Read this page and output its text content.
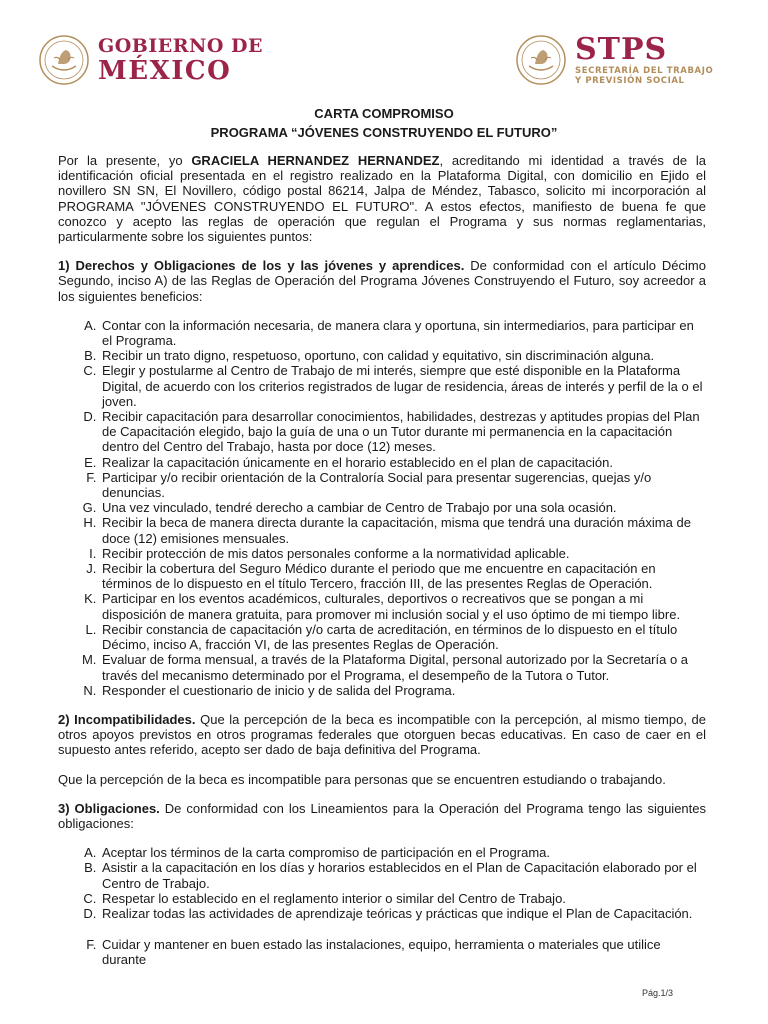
GOBIERNO DE
MÉXICO
STPS
SECRETARÍA DEL TRABAJO
Y PREVISIÓN SOCIAL
CARTA COMPROMISO
PROGRAMA “JÓVENES CONSTRUYENDO EL FUTURO”

Por la presente, yo GRACIELA HERNANDEZ HERNANDEZ, acreditando mi identidad a través de la identificación oficial presentada en el registro realizado en la Plataforma Digital, con domicilio en Ejido el novillero SN SN, El Novillero, código postal 86214, Jalpa de Méndez, Tabasco, solicito mi incorporación al PROGRAMA "JÓVENES CONSTRUYENDO EL FUTURO". A estos efectos, manifiesto de buena fe que conozco y acepto las reglas de operación que regulan el Programa y sus normas reglamentarias, particularmente sobre los siguientes puntos:

1) Derechos y Obligaciones de los y las jóvenes y aprendices. De conformidad con el artículo Décimo Segundo, inciso A) de las Reglas de Operación del Programa Jóvenes Construyendo el Futuro, soy acreedor a los siguientes beneficios:

A. Contar con la información necesaria, de manera clara y oportuna, sin intermediarios, para participar en el Programa.
B. Recibir un trato digno, respetuoso, oportuno, con calidad y equitativo, sin discriminación alguna.
C. Elegir y postularme al Centro de Trabajo de mi interés, siempre que esté disponible en la Plataforma Digital, de acuerdo con los criterios registrados de lugar de residencia, áreas de interés y perfil de la o el joven.
D. Recibir capacitación para desarrollar conocimientos, habilidades, destrezas y aptitudes propias del Plan de Capacitación elegido, bajo la guía de una o un Tutor durante mi permanencia en la capacitación dentro del Centro del Trabajo, hasta por doce (12) meses.
E. Realizar la capacitación únicamente en el horario establecido en el plan de capacitación.
F. Participar y/o recibir orientación de la Contraloría Social para presentar sugerencias, quejas y/o denuncias.
G. Una vez vinculado, tendré derecho a cambiar de Centro de Trabajo por una sola ocasión.
H. Recibir la beca de manera directa durante la capacitación, misma que tendrá una duración máxima de doce (12) emisiones mensuales.
I. Recibir protección de mis datos personales conforme a la normatividad aplicable.
J. Recibir la cobertura del Seguro Médico durante el periodo que me encuentre en capacitación en términos de lo dispuesto en el título Tercero, fracción III, de las presentes Reglas de Operación.
K. Participar en los eventos académicos, culturales, deportivos o recreativos que se pongan a mi disposición de manera gratuita, para promover mi inclusión social y el uso óptimo de mi tiempo libre.
L. Recibir constancia de capacitación y/o carta de acreditación, en términos de lo dispuesto en el título Décimo, inciso A, fracción VI, de las presentes Reglas de Operación.
M. Evaluar de forma mensual, a través de la Plataforma Digital, personal autorizado por la Secretaría o a través del mecanismo determinado por el Programa, el desempeño de la Tutora o Tutor.
N. Responder el cuestionario de inicio y de salida del Programa.

2) Incompatibilidades. Que la percepción de la beca es incompatible con la percepción, al mismo tiempo, de otros apoyos previstos en otros programas federales que otorguen becas educativas. En caso de caer en el supuesto antes referido, acepto ser dado de baja definitiva del Programa.

Que la percepción de la beca es incompatible para personas que se encuentren estudiando o trabajando.

3) Obligaciones. De conformidad con los Lineamientos para la Operación del Programa tengo las siguientes obligaciones:

A. Aceptar los términos de la carta compromiso de participación en el Programa.
B. Asistir a la capacitación en los días y horarios establecidos en el Plan de Capacitación elaborado por el Centro de Trabajo.
C. Respetar lo establecido en el reglamento interior o similar del Centro de Trabajo.
D. Realizar todas las actividades de aprendizaje teóricas y prácticas que indique el Plan de Capacitación.
F. Cuidar y mantener en buen estado las instalaciones, equipo, herramienta o materiales que utilice durante
Pág.1/3
